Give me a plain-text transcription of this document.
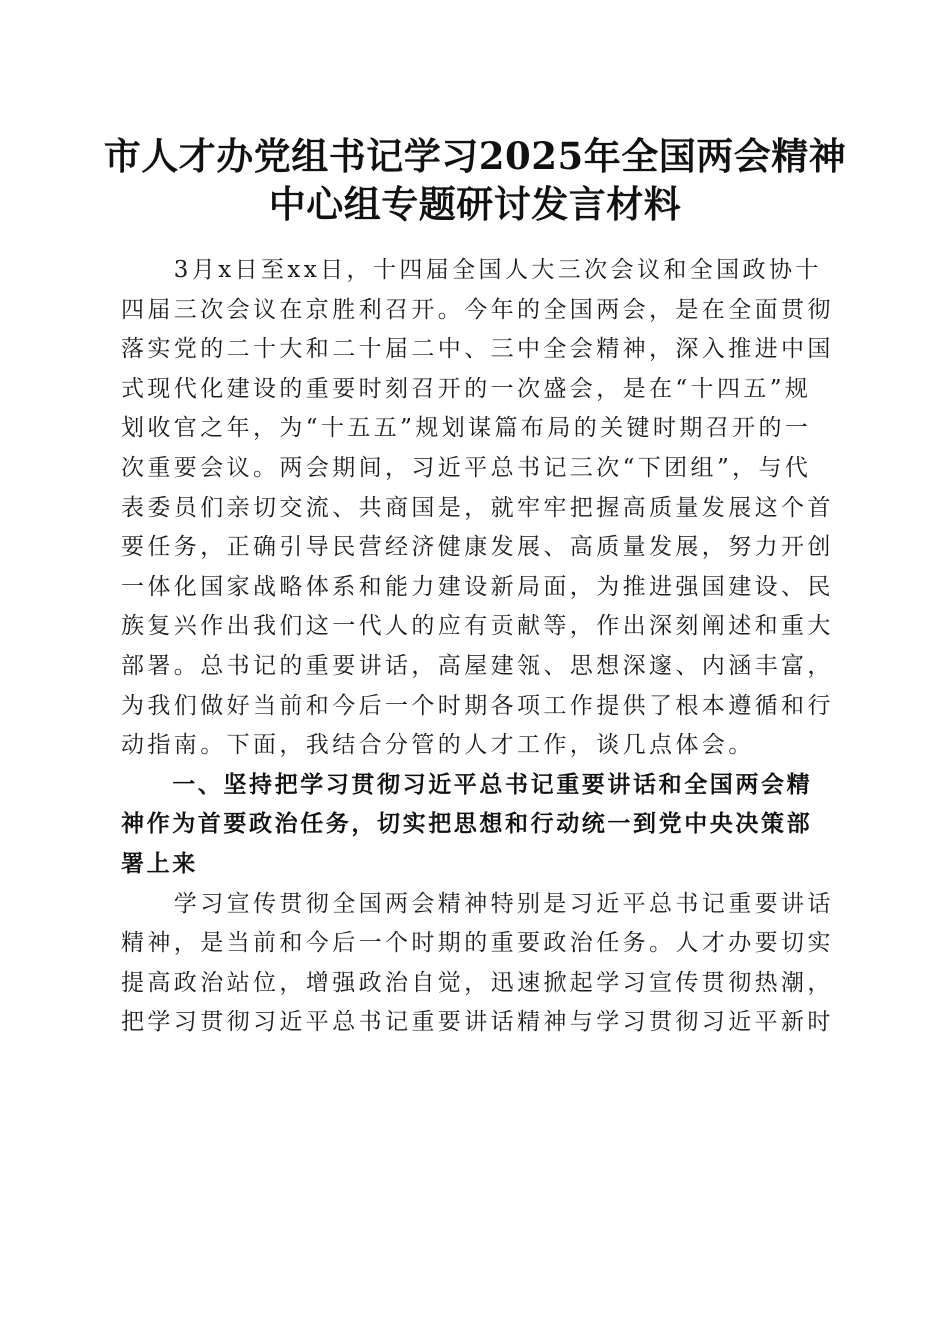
市人才办党组书记学习2025年全国两会精神
中心组专题研讨发言材料
　　3月x日至xx日，十四届全国人大三次会议和全国政协十
四届三次会议在京胜利召开。今年的全国两会，是在全面贯彻
落实党的二十大和二十届二中、三中全会精神，深入推进中国
式现代化建设的重要时刻召开的一次盛会，是在“十四五”规
划收官之年，为“十五五”规划谋篇布局的关键时期召开的一
次重要会议。两会期间，习近平总书记三次“下团组”，与代
表委员们亲切交流、共商国是，就牢牢把握高质量发展这个首
要任务，正确引导民营经济健康发展、高质量发展，努力开创
一体化国家战略体系和能力建设新局面，为推进强国建设、民
族复兴作出我们这一代人的应有贡献等，作出深刻阐述和重大
部署。总书记的重要讲话，高屋建瓴、思想深邃、内涵丰富，
为我们做好当前和今后一个时期各项工作提供了根本遵循和行
动指南。下面，我结合分管的人才工作，谈几点体会。
　　一、坚持把学习贯彻习近平总书记重要讲话和全国两会精
神作为首要政治任务，切实把思想和行动统一到党中央决策部
署上来
　　学习宣传贯彻全国两会精神特别是习近平总书记重要讲话
精神，是当前和今后一个时期的重要政治任务。人才办要切实
提高政治站位，增强政治自觉，迅速掀起学习宣传贯彻热潮，
把学习贯彻习近平总书记重要讲话精神与学习贯彻习近平新时
